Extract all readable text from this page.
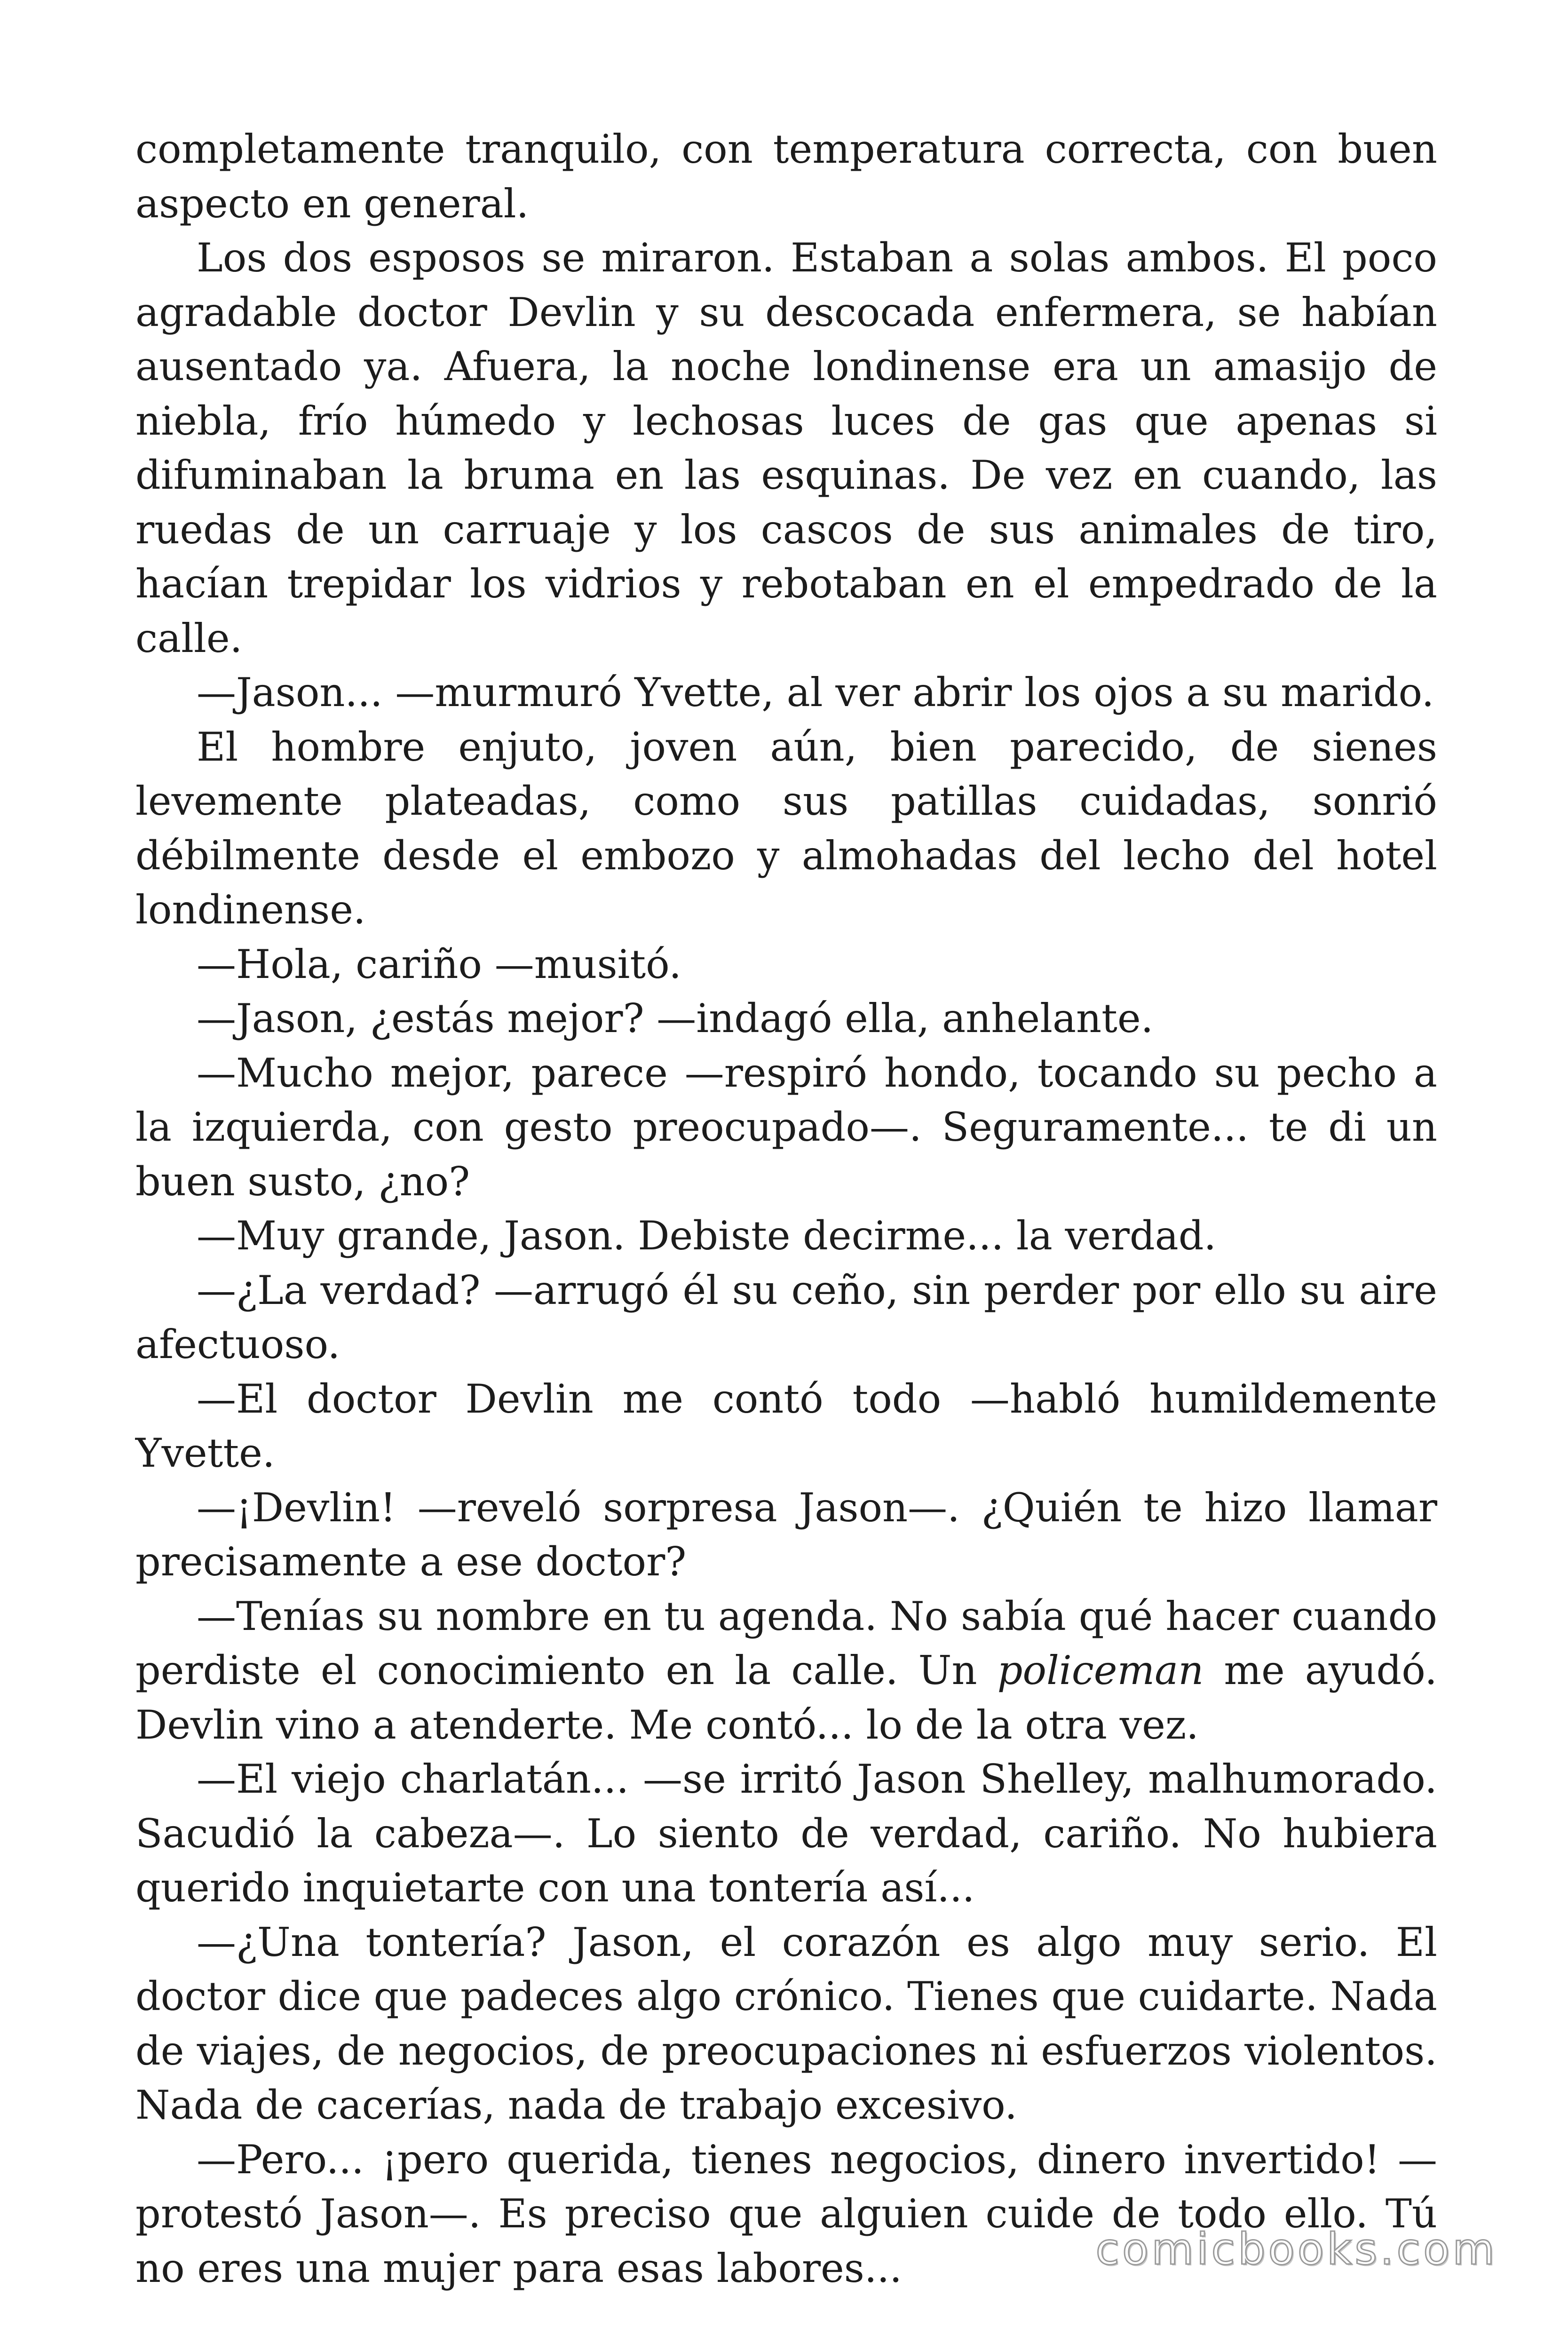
completamente tranquilo, con temperatura correcta, con buen aspecto en general.

Los dos esposos se miraron. Estaban a solas ambos. El poco agradable doctor Devlin y su descocada enfermera, se habían ausentado ya. Afuera, la noche londinense era un amasijo de niebla, frío húmedo y lechosas luces de gas que apenas si difuminaban la bruma en las esquinas. De vez en cuando, las ruedas de un carruaje y los cascos de sus animales de tiro, hacían trepidar los vidrios y rebotaban en el empedrado de la calle.

—Jason... —murmuró Yvette, al ver abrir los ojos a su marido.

El hombre enjuto, joven aún, bien parecido, de sienes levemente plateadas, como sus patillas cuidadas, sonrió débilmente desde el embozo y almohadas del lecho del hotel londinense.

—Hola, cariño —musitó.

—Jason, ¿estás mejor? —indagó ella, anhelante.

—Mucho mejor, parece —respiró hondo, tocando su pecho a la izquierda, con gesto preocupado—. Seguramente... te di un buen susto, ¿no?

—Muy grande, Jason. Debiste decirme... la verdad.

—¿La verdad? —arrugó él su ceño, sin perder por ello su aire afectuoso.

—El doctor Devlin me contó todo —habló humildemente Yvette.

—¡Devlin! —reveló sorpresa Jason—. ¿Quién te hizo llamar precisamente a ese doctor?

—Tenías su nombre en tu agenda. No sabía qué hacer cuando perdiste el conocimiento en la calle. Un policeman me ayudó. Devlin vino a atenderte. Me contó... lo de la otra vez.

—El viejo charlatán... —se irritó Jason Shelley, malhumorado. Sacudió la cabeza—. Lo siento de verdad, cariño. No hubiera querido inquietarte con una tontería así...

—¿Una tontería? Jason, el corazón es algo muy serio. El doctor dice que padeces algo crónico. Tienes que cuidarte. Nada de viajes, de negocios, de preocupaciones ni esfuerzos violentos. Nada de cacerías, nada de trabajo excesivo.

—Pero... ¡pero querida, tienes negocios, dinero invertido! — protestó Jason—. Es preciso que alguien cuide de todo ello. Tú no eres una mujer para esas labores...	comicbooks.com
